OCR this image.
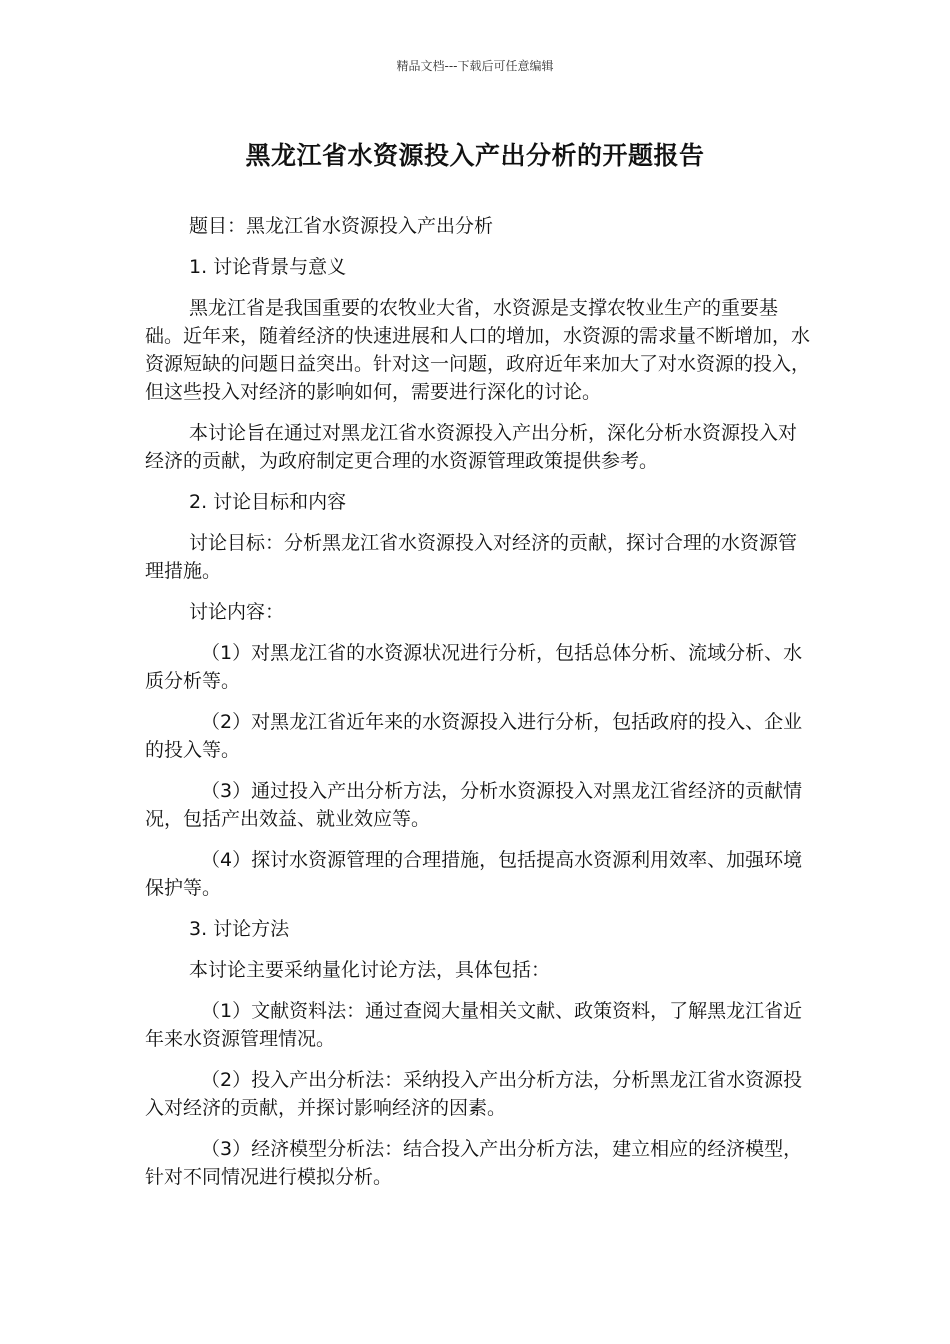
精品文档---下载后可任意编辑
黑龙江省水资源投入产出分析的开题报告

题目：黑龙江省水资源投入产出分析

1. 讨论背景与意义

黑龙江省是我国重要的农牧业大省，水资源是支撑农牧业生产的重要基础。近年来，随着经济的快速进展和人口的增加，水资源的需求量不断增加，水资源短缺的问题日益突出。针对这一问题，政府近年来加大了对水资源的投入，但这些投入对经济的影响如何，需要进行深化的讨论。

本讨论旨在通过对黑龙江省水资源投入产出分析，深化分析水资源投入对经济的贡献，为政府制定更合理的水资源管理政策提供参考。

2. 讨论目标和内容

讨论目标：分析黑龙江省水资源投入对经济的贡献，探讨合理的水资源管理措施。

讨论内容：

（1）对黑龙江省的水资源状况进行分析，包括总体分析、流域分析、水质分析等。

（2）对黑龙江省近年来的水资源投入进行分析，包括政府的投入、企业的投入等。

（3）通过投入产出分析方法，分析水资源投入对黑龙江省经济的贡献情况，包括产出效益、就业效应等。

（4）探讨水资源管理的合理措施，包括提高水资源利用效率、加强环境保护等。

3. 讨论方法

本讨论主要采纳量化讨论方法，具体包括：

（1）文献资料法：通过查阅大量相关文献、政策资料，了解黑龙江省近年来水资源管理情况。

（2）投入产出分析法：采纳投入产出分析方法，分析黑龙江省水资源投入对经济的贡献，并探讨影响经济的因素。

（3）经济模型分析法：结合投入产出分析方法，建立相应的经济模型，针对不同情况进行模拟分析。
